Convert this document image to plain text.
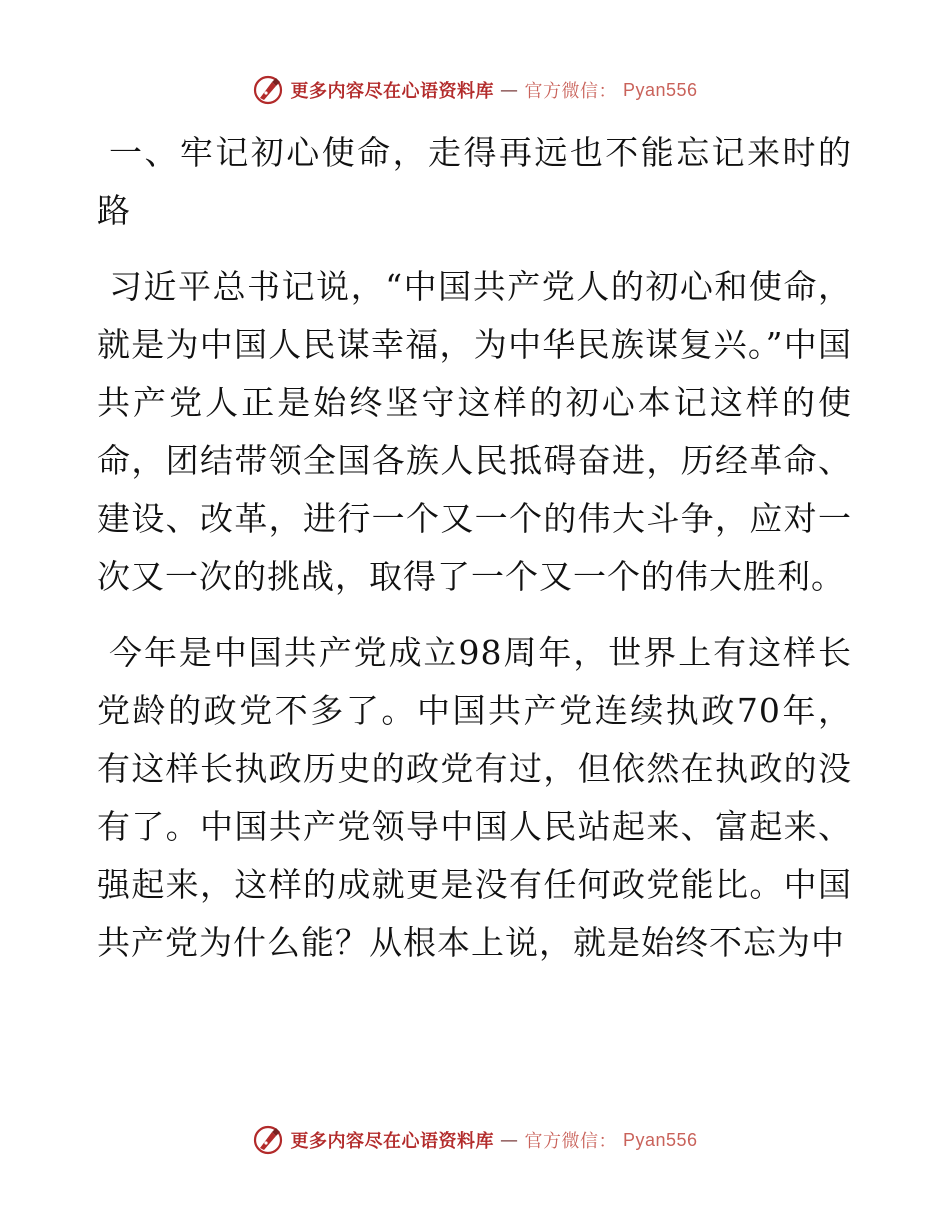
更多内容尽在心语资料库 — 官方微信： Pyan556

一、牢记初心使命，走得再远也不能忘记来时的路

习近平总书记说，“中国共产党人的初心和使命，就是为中国人民谋幸福，为中华民族谋复兴。”中国共产党人正是始终坚守这样的初心本记这样的使命，团结带领全国各族人民抵碍奋进，历经革命、建设、改革，进行一个又一个的伟大斗争，应对一次又一次的挑战，取得了一个又一个的伟大胜利。

今年是中国共产党成立98周年，世界上有这样长党龄的政党不多了。中国共产党连续执政70年，有这样长执政历史的政党有过，但依然在执政的没有了。中国共产党领导中国人民站起来、富起来、强起来，这样的成就更是没有任何政党能比。中国共产党为什么能？从根本上说，就是始终不忘为中

更多内容尽在心语资料库 — 官方微信： Pyan556
